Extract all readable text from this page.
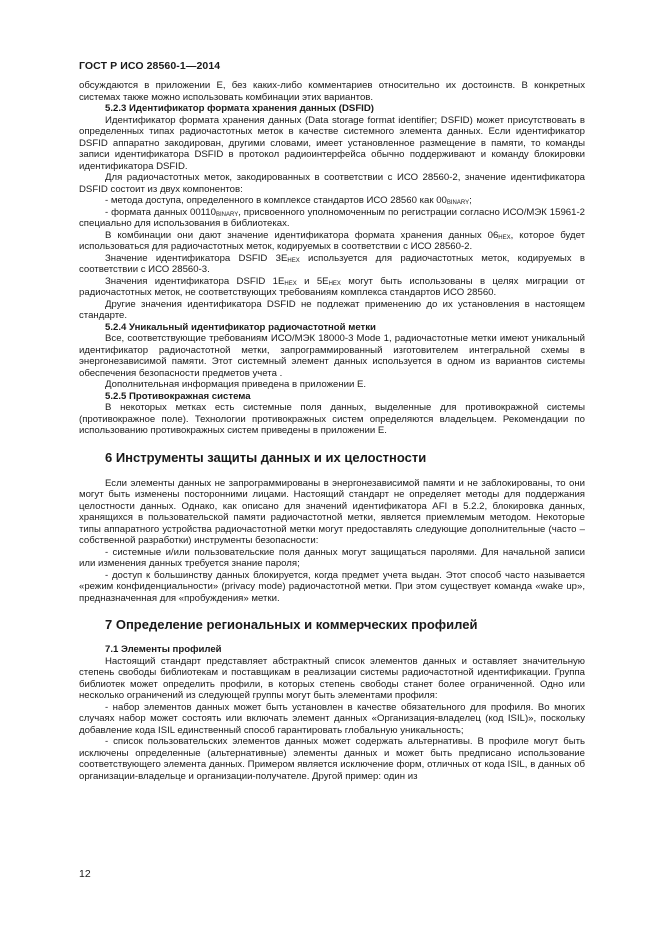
ГОСТ Р ИСО 28560-1—2014

обсуждаются в приложении E, без каких-либо комментариев относительно их достоинств. В конкретных системах также можно использовать комбинации этих вариантов.

5.2.3 Идентификатор формата хранения данных (DSFID)

Идентификатор формата хранения данных (Data storage format identifier; DSFID) может присутствовать в определенных типах радиочастотных меток в качестве системного элемента данных. Если идентификатор DSFID аппаратно закодирован, другими словами, имеет установленное размещение в памяти, то команды записи идентификатора DSFID в протокол радиоинтерфейса обычно поддерживают и команду блокировки идентификатора DSFID.

Для радиочастотных меток, закодированных в соответствии с ИСО 28560-2, значение идентификатора DSFID состоит из двух компонентов:

- метода доступа, определенного в комплексе стандартов ИСО 28560 как $00_{BINARY}$;

- формата данных $00110_{BINARY}$, присвоенного уполномоченным по регистрации согласно ИСО/МЭК 15961-2 специально для использования в библиотеках.

В комбинации они дают значение идентификатора формата хранения данных $06_{HEX}$, которое будет использоваться для радиочастотных меток, кодируемых в соответствии с ИСО 28560-2.

Значение идентификатора DSFID $3E_{HEX}$ используется для радиочастотных меток, кодируемых в соответствии с ИСО 28560-3.

Значения идентификатора DSFID $1E_{HEX}$ и $5E_{HEX}$ могут быть использованы в целях миграции от радиочастотных меток, не соответствующих требованиям комплекса стандартов ИСО 28560.

Другие значения идентификатора DSFID не подлежат применению до их установления в настоящем стандарте.

5.2.4 Уникальный идентификатор радиочастотной метки

Все, соответствующие требованиям ИСО/МЭК 18000-3 Mode 1, радиочастотные метки имеют уникальный идентификатор радиочастотной метки, запрограммированный изготовителем интегральной схемы в энергонезависимой памяти. Этот системный элемент данных используется в одном из вариантов системы обеспечения безопасности предметов учета .

Дополнительная информация приведена в приложении E.

5.2.5 Противокражная система

В некоторых метках есть системные поля данных, выделенные для противокражной системы (противокражное поле). Технологии противокражных систем определяются владельцем. Рекомендации по использованию противокражных систем приведены в приложении E.

6 Инструменты защиты данных и их целостности

Если элементы данных не запрограммированы в энергонезависимой памяти и не заблокированы, то они могут быть изменены посторонними лицами. Настоящий стандарт не определяет методы для поддержания целостности данных. Однако, как описано для значений идентификатора AFI в 5.2.2, блокировка данных, хранящихся в пользовательской памяти радиочастотной метки, является приемлемым методом. Некоторые типы аппаратного устройства радиочастотной метки могут предоставлять следующие дополнительные (часто – собственной разработки) инструменты безопасности:

- системные и/или пользовательские поля данных могут защищаться паролями. Для начальной записи или изменения данных требуется знание пароля;

- доступ к большинству данных блокируется, когда предмет учета выдан. Этот способ часто называется «режим конфиденциальности» (privacy mode) радиочастотной метки. При этом существует команда «wake up», предназначенная для «пробуждения» метки.

7 Определение региональных и коммерческих профилей
7.1 Элементы профилей

Настоящий стандарт представляет абстрактный список элементов данных и оставляет значительную степень свободы библиотекам и поставщикам в реализации системы радиочастотной идентификации. Группа библиотек может определить профили, в которых степень свободы станет более ограниченной. Одно или несколько ограничений из следующей группы могут быть элементами профиля:

- набор элементов данных может быть установлен в качестве обязательного для профиля. Во многих случаях набор может состоять или включать элемент данных «Организация-владелец (код ISIL)», поскольку добавление кода ISIL единственный способ гарантировать глобальную уникальность;

- список пользовательских элементов данных может содержать альтернативы. В профиле могут быть исключены определенные (альтернативные) элементы данных и может быть предписано использование соответствующего элемента данных. Примером является исключение форм, отличных от кода ISIL, в данных об организации-владельце и организации-получателе. Другой пример: один из

12
